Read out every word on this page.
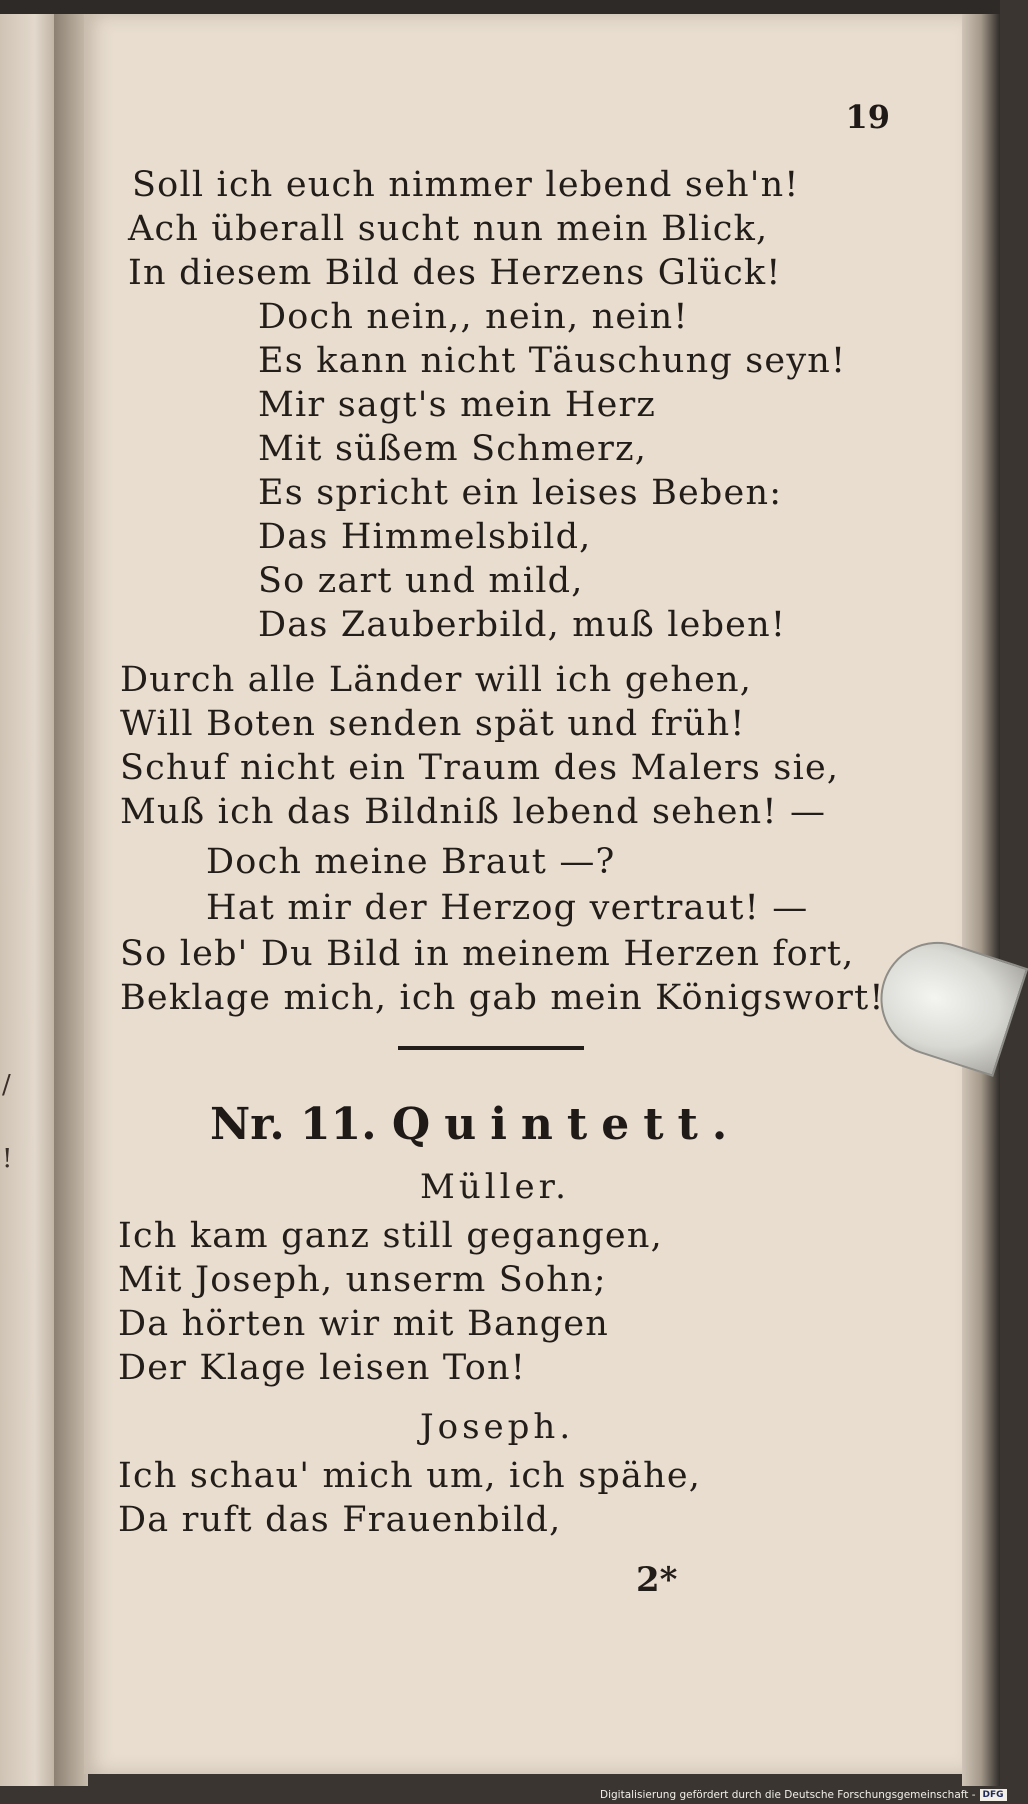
/
!
19
Soll ich euch nimmer lebend seh'n!
Ach überall sucht nun mein Blick,
In diesem Bild des Herzens Glück!
Doch nein,, nein, nein!
Es kann nicht Täuschung seyn!
Mir sagt's mein Herz
Mit süßem Schmerz,
Es spricht ein leises Beben:
Das Himmelsbild,
So zart und mild,
Das Zauberbild, muß leben!
Durch alle Länder will ich gehen,
Will Boten senden spät und früh!
Schuf nicht ein Traum des Malers sie,
Muß ich das Bildniß lebend sehen! —
Doch meine Braut —?
Hat mir der Herzog vertraut! —
So leb' Du Bild in meinem Herzen fort,
Beklage mich, ich gab mein Königswort!
Nr. 11. Quintett.
Müller.
Ich kam ganz still gegangen,
Mit Joseph, unserm Sohn;
Da hörten wir mit Bangen
Der Klage leisen Ton!
Joseph.
Ich schau' mich um, ich spähe,
Da ruft das Frauenbild,
2*
Digitalisierung gefördert durch die Deutsche Forschungsgemeinschaft - DFG
